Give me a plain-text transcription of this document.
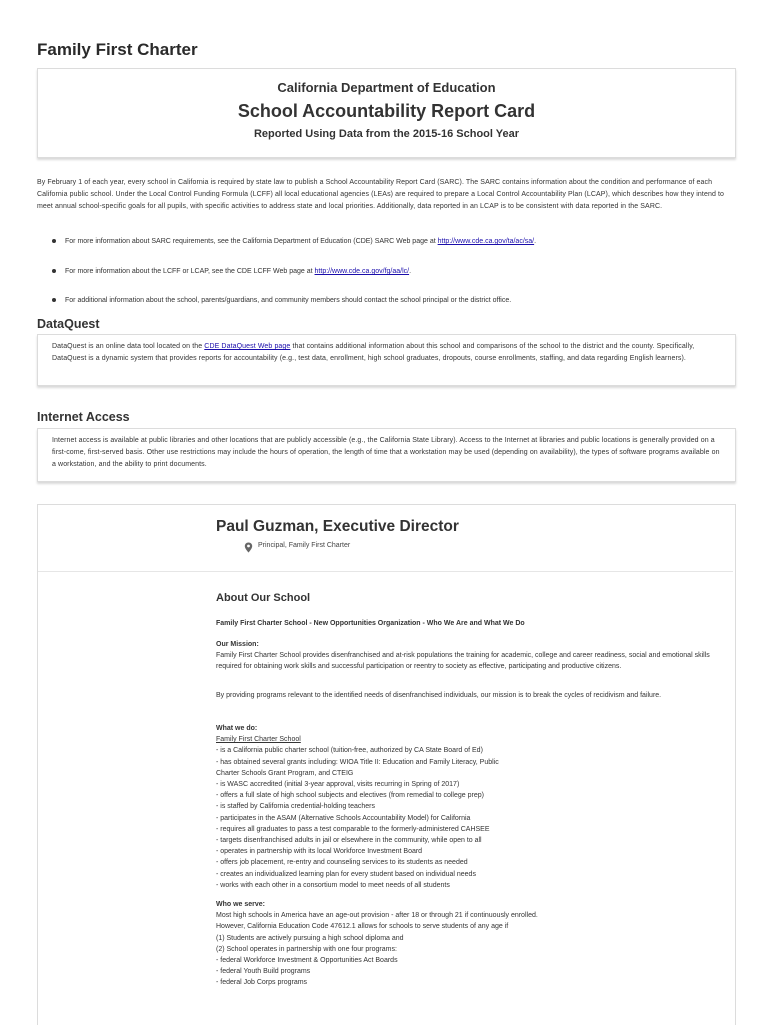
Family First Charter
California Department of Education
School Accountability Report Card
Reported Using Data from the 2015-16 School Year
By February 1 of each year, every school in California is required by state law to publish a School Accountability Report Card (SARC). The SARC contains information about the condition and performance of each California public school. Under the Local Control Funding Formula (LCFF) all local educational agencies (LEAs) are required to prepare a Local Control Accountability Plan (LCAP), which describes how they intend to meet annual school-specific goals for all pupils, with specific activities to address state and local priorities. Additionally, data reported in an LCAP is to be consistent with data reported in the SARC.
For more information about SARC requirements, see the California Department of Education (CDE) SARC Web page at http://www.cde.ca.gov/ta/ac/sa/.
For more information about the LCFF or LCAP, see the CDE LCFF Web page at http://www.cde.ca.gov/fg/aa/lc/.
For additional information about the school, parents/guardians, and community members should contact the school principal or the district office.
DataQuest
DataQuest is an online data tool located on the CDE DataQuest Web page that contains additional information about this school and comparisons of the school to the district and the county. Specifically, DataQuest is a dynamic system that provides reports for accountability (e.g., test data, enrollment, high school graduates, dropouts, course enrollments, staffing, and data regarding English learners).
Internet Access
Internet access is available at public libraries and other locations that are publicly accessible (e.g., the California State Library). Access to the Internet at libraries and public locations is generally provided on a first-come, first-served basis. Other use restrictions may include the hours of operation, the length of time that a workstation may be used (depending on availability), the types of software programs available on a workstation, and the ability to print documents.
Paul Guzman, Executive Director
Principal, Family First Charter
About Our School
Family First Charter School - New Opportunities Organization - Who We Are and What We Do
Our Mission:
Family First Charter School provides disenfranchised and at-risk populations the training for academic, college and career readiness, social and emotional skills required for obtaining work skills and successful participation or reentry to society as effective, participating and productive citizens.
By providing programs relevant to the identified needs of disenfranchised individuals, our mission is to break the cycles of recidivism and failure.
What we do:
Family First Charter School
- is a California public charter school (tuition-free, authorized by CA State Board of Ed)
- has obtained several grants including: WIOA Title II: Education and Family Literacy, Public
Charter Schools Grant Program, and CTEIG
- is WASC accredited (initial 3-year approval, visits recurring in Spring of 2017)
- offers a full slate of high school subjects and electives (from remedial to college prep)
- is staffed by California credential-holding teachers
- participates in the ASAM (Alternative Schools Accountability Model) for California
- requires all graduates to pass a test comparable to the formerly-administered CAHSEE
- targets disenfranchised adults in jail or elsewhere in the community, while open to all
- operates in partnership with its local Workforce Investment Board
- offers job placement, re-entry and counseling services to its students as needed
- creates an individualized learning plan for every student based on individual needs
- works with each other in a consortium model to meet needs of all students
Who we serve:
Most high schools in America have an age-out provision - after 18 or through 21 if continuously enrolled.
However, California Education Code 47612.1 allows for schools to serve students of any age if
(1) Students are actively pursuing a high school diploma and
(2) School operates in partnership with one four programs:
- federal Workforce Investment & Opportunities Act Boards
- federal Youth Build programs
- federal Job Corps programs
